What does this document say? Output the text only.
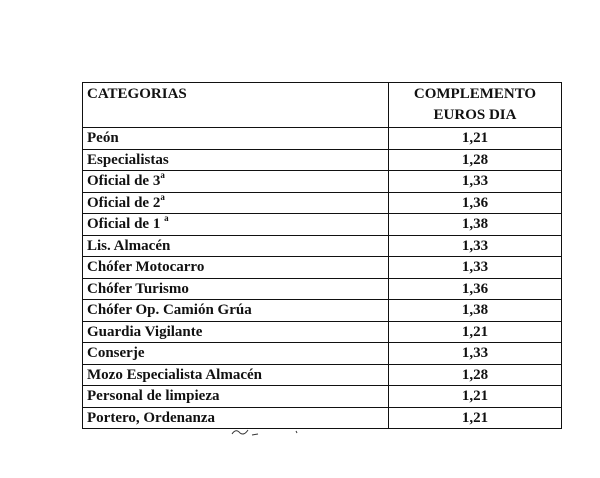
CATEGORIAS	COMPLEMENTO
EUROS DIA

Peón	1,21
Especialistas	1,28
Oficial de 3$^a$	1,33
Oficial de 2$^a$	1,36
Oficial de 1 $^a$	1,38
Lis. Almacén	1,33
Chófer Motocarro	1,33
Chófer Turismo	1,36
Chófer Op. Camión Grúa	1,38
Guardia Vigilante	1,21
Conserje	1,33
Mozo Especialista Almacén	1,28
Personal de limpieza	1,21
Portero, Ordenanza	1,21
